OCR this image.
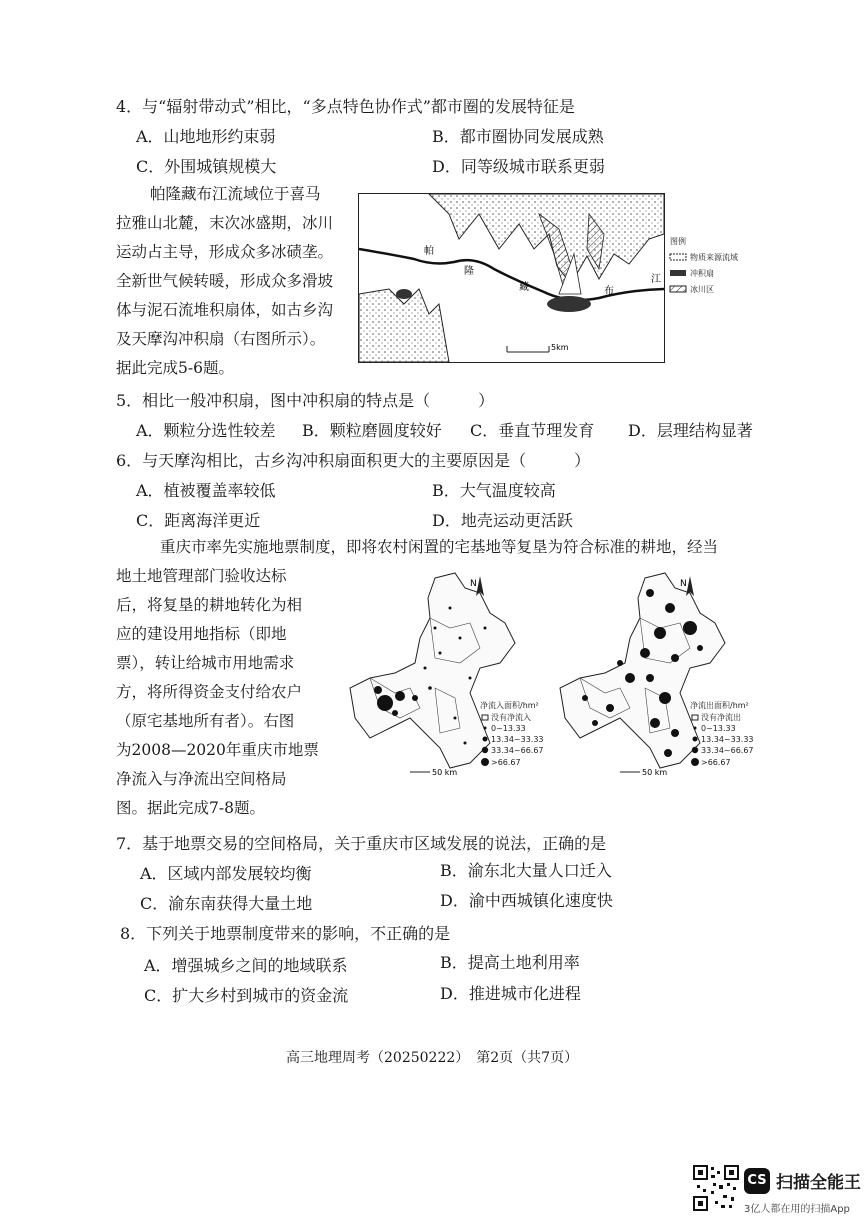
4．与“辐射带动式”相比，“多点特色协作式”都市圈的发展特征是
A．山地地形约束弱	B．都市圈协同发展成熟
C．外围城镇规模大	D．同等级城市联系更弱
帕隆藏布江流域位于喜马
拉雅山北麓，末次冰盛期，冰川
运动占主导，形成众多冰碛垄。
全新世气候转暖，形成众多滑坡
体与泥石流堆积扇体，如古乡沟
及天摩沟冲积扇（右图所示）。
据此完成5-6题。
帕
隆
藏	布
江
5km
图例
物质来源流域
冲积扇
冰川区
5．相比一般冲积扇，图中冲积扇的特点是（　　　）
A．颗粒分选性较差 B．颗粒磨圆度较好 C．垂直节理发育 D．层理结构显著
6．与天摩沟相比，古乡沟冲积扇面积更大的主要原因是（　　　）
A．植被覆盖率较低	B．大气温度较高
C．距离海洋更近	D．地壳运动更活跃
重庆市率先实施地票制度，即将农村闲置的宅基地等复垦为符合标准的耕地，经当
地土地管理部门验收达标
后，将复垦的耕地转化为相
应的建设用地指标（即地
票），转让给城市用地需求
方，将所得资金支付给农户
（原宅基地所有者）。右图
为2008—2020年重庆市地票
净流入与净流出空间格局
图。据此完成7-8题。
N
50 km
净流入面积/hm²
没有净流入
0~13.33
13.34~33.33
33.34~66.67
>66.67
N
50 km
净流出面积/hm²
没有净流出
0~13.33
13.34~33.33
33.34~66.67
>66.67
7．基于地票交易的空间格局，关于重庆市区域发展的说法，正确的是
A．区域内部发展较均衡	B．渝东北大量人口迁入
C．渝东南获得大量土地	D．渝中西城镇化速度快
8．下列关于地票制度带来的影响，不正确的是
A．增强城乡之间的地域联系	B．提高土地利用率
C．扩大乡村到城市的资金流	D．推进城市化进程
高三地理周考（20250222）　第2页（共7页）
CS 扫描全能王
3亿人都在用的扫描App
